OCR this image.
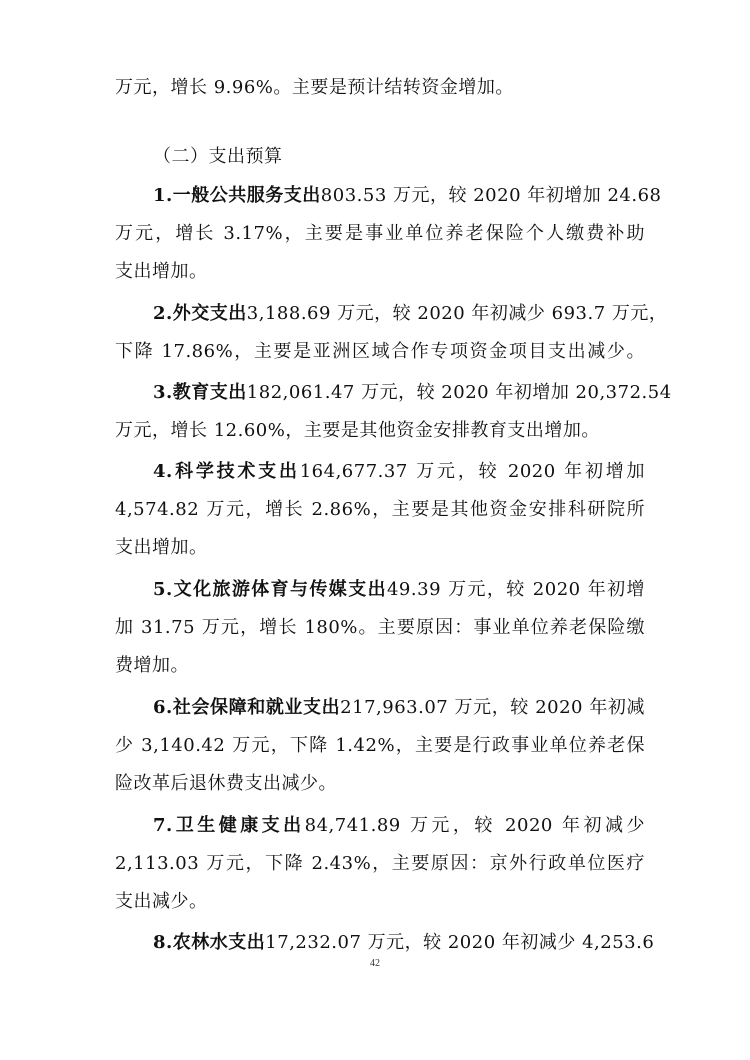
万元，增长 9.96%。主要是预计结转资金增加。
（二）支出预算
1.一般公共服务支出803.53 万元，较 2020 年初增加 24.68
万元，增长 3.17%，主要是事业单位养老保险个人缴费补助
支出增加。
2.外交支出3,188.69 万元，较 2020 年初减少 693.7 万元，
下降 17.86%，主要是亚洲区域合作专项资金项目支出减少。
3.教育支出182,061.47 万元，较 2020 年初增加 20,372.54
万元，增长 12.60%，主要是其他资金安排教育支出增加。
4.科学技术支出164,677.37 万元，较 2020 年初增加
4,574.82 万元，增长 2.86%，主要是其他资金安排科研院所
支出增加。
5.文化旅游体育与传媒支出49.39 万元，较 2020 年初增
加 31.75 万元，增长 180%。主要原因：事业单位养老保险缴
费增加。
6.社会保障和就业支出217,963.07 万元，较 2020 年初减
少 3,140.42 万元，下降 1.42%，主要是行政事业单位养老保
险改革后退休费支出减少。
7.卫生健康支出84,741.89 万元，较 2020 年初减少
2,113.03 万元，下降 2.43%，主要原因：京外行政单位医疗
支出减少。
8.农林水支出17,232.07 万元，较 2020 年初减少 4,253.6
42
